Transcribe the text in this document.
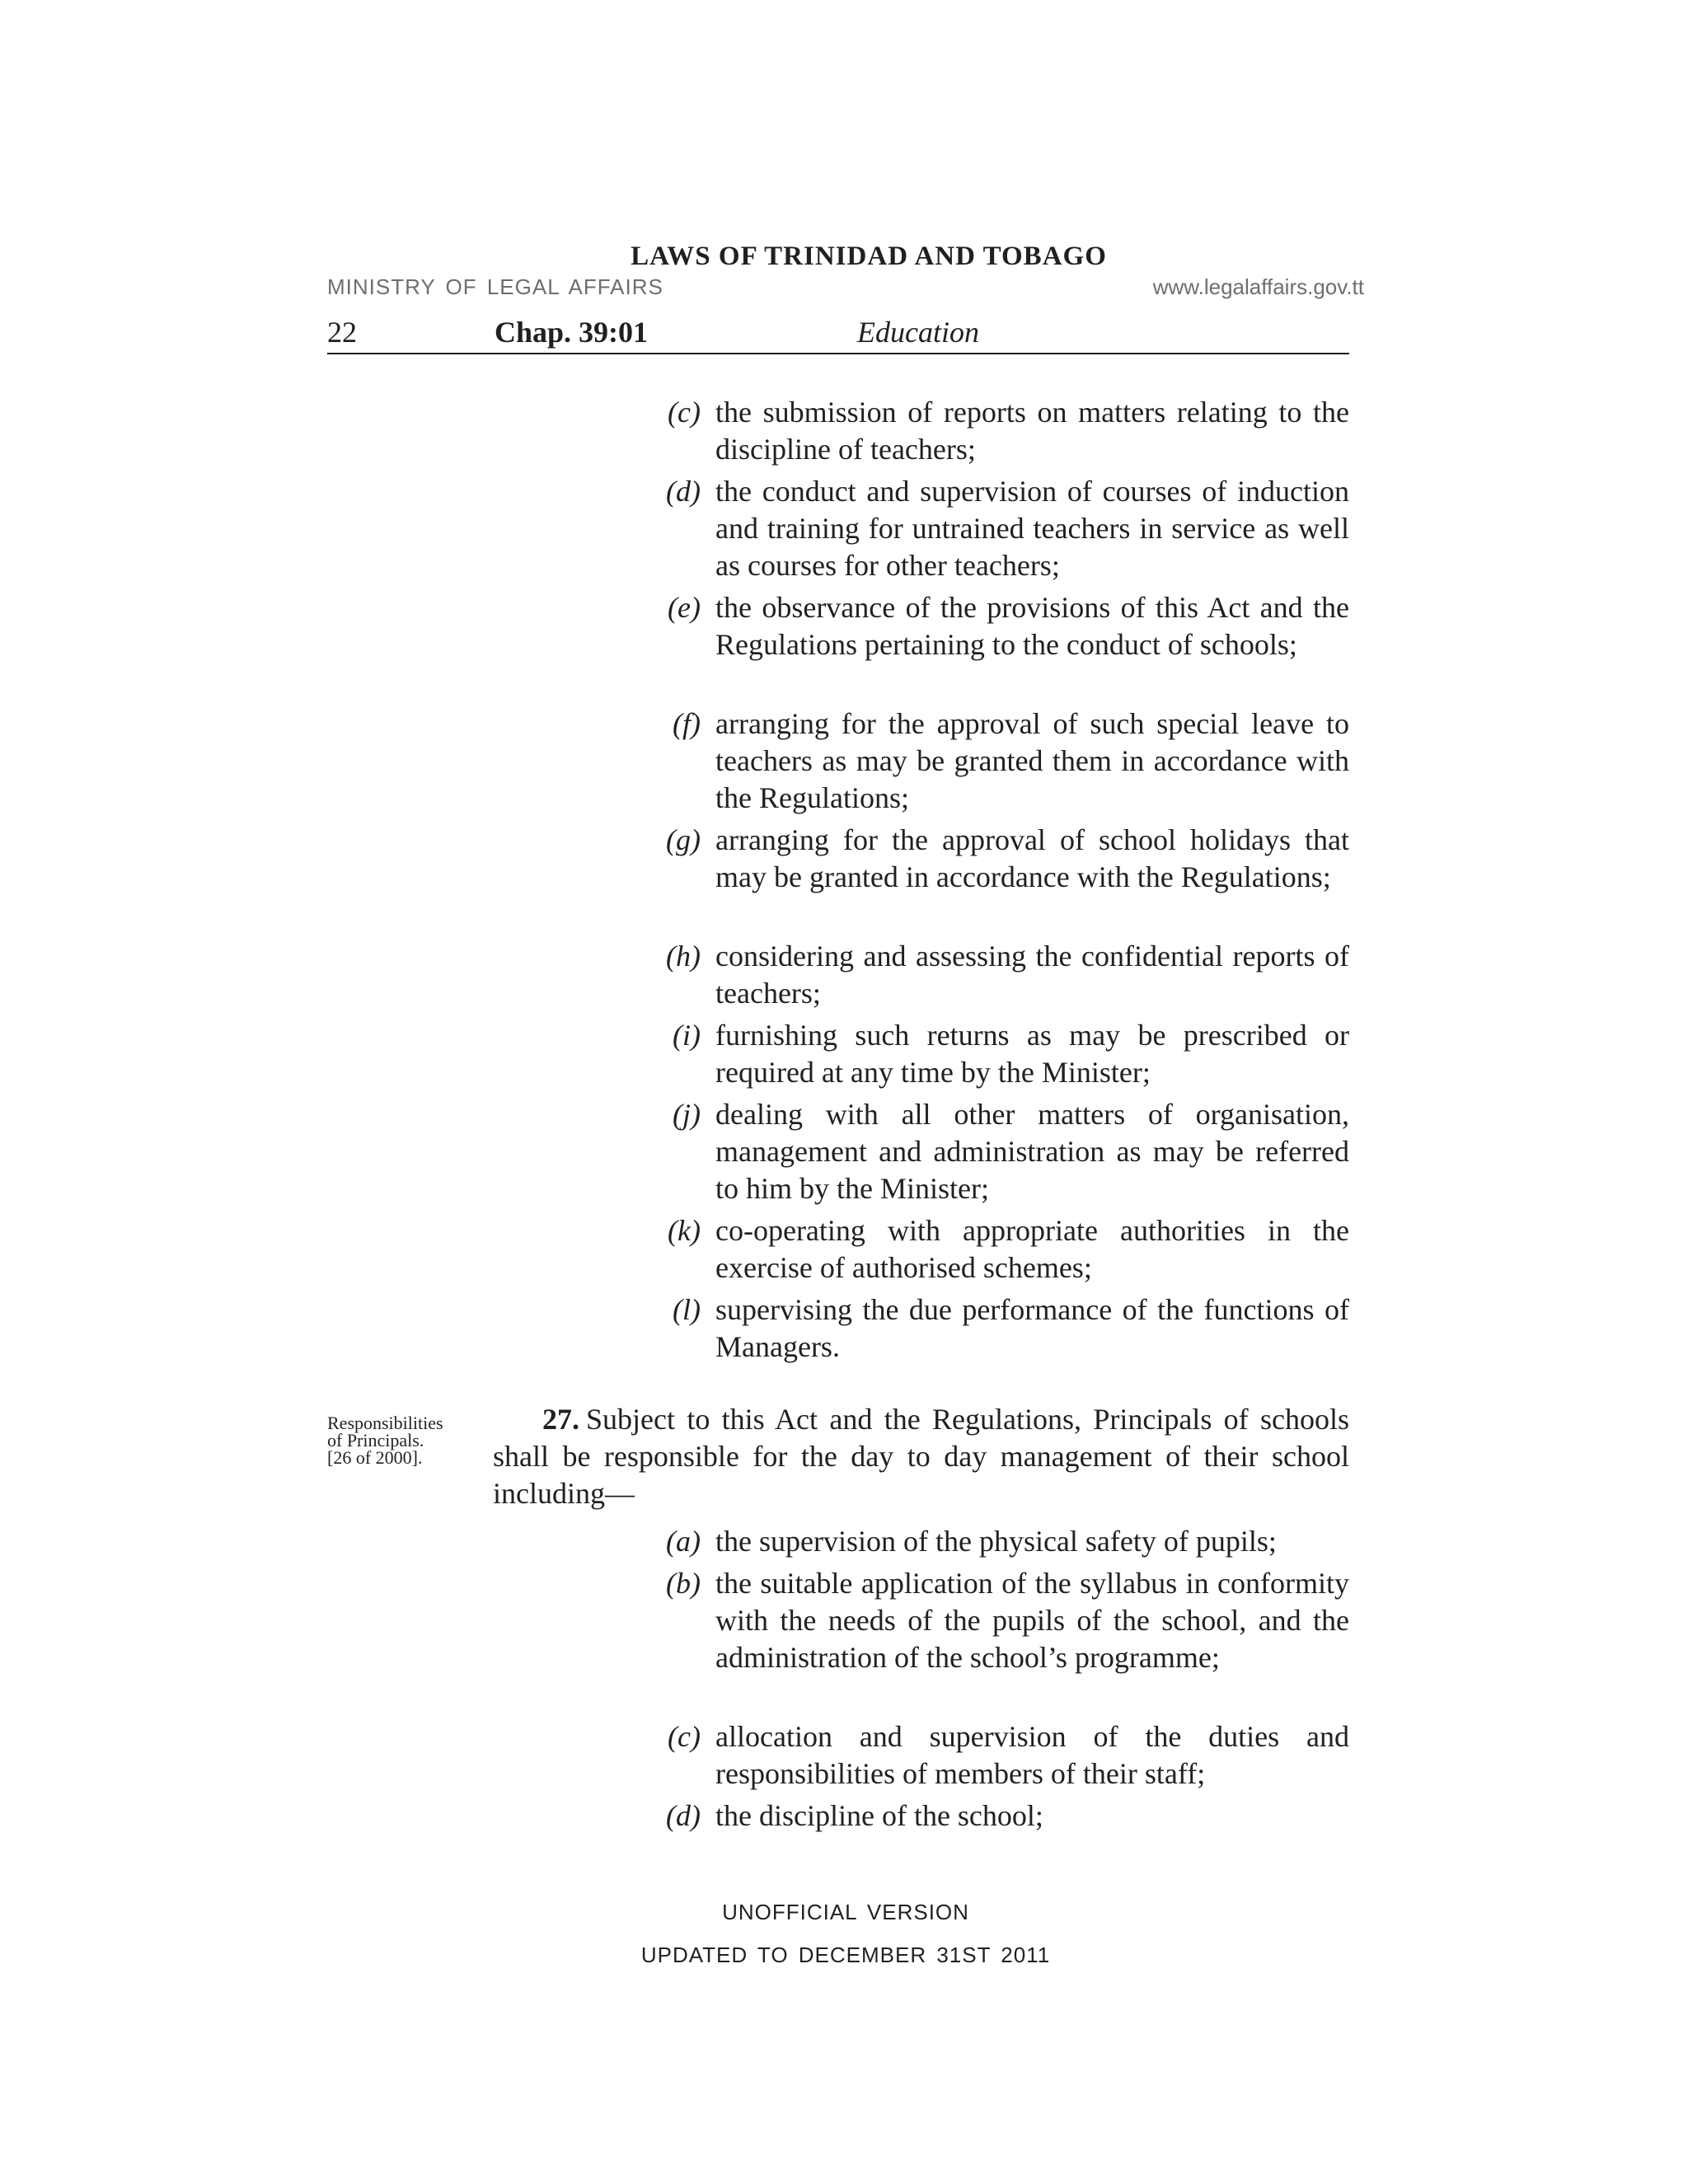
LAWS OF TRINIDAD AND TOBAGO
MINISTRY OF LEGAL AFFAIRS	www.legalaffairs.gov.tt
22	Chap. 39:01	Education
(c) the submission of reports on matters relating to the discipline of teachers;
(d) the conduct and supervision of courses of induction and training for untrained teachers in service as well as courses for other teachers;
(e) the observance of the provisions of this Act and the Regulations pertaining to the conduct of schools;
(f) arranging for the approval of such special leave to teachers as may be granted them in accordance with the Regulations;
(g) arranging for the approval of school holidays that may be granted in accordance with the Regulations;
(h) considering and assessing the confidential reports of teachers;
(i) furnishing such returns as may be prescribed or required at any time by the Minister;
(j) dealing with all other matters of organisation, management and administration as may be referred to him by the Minister;
(k) co-operating with appropriate authorities in the exercise of authorised schemes;
(l) supervising the due performance of the functions of Managers.
Responsibilities
of Principals.
[26 of 2000].
27. Subject to this Act and the Regulations, Principals of schools shall be responsible for the day to day management of their school including—
(a) the supervision of the physical safety of pupils;
(b) the suitable application of the syllabus in conformity with the needs of the pupils of the school, and the administration of the school’s programme;
(c) allocation and supervision of the duties and responsibilities of members of their staff;
(d) the discipline of the school;
UNOFFICIAL VERSION
UPDATED TO DECEMBER 31ST 2011
